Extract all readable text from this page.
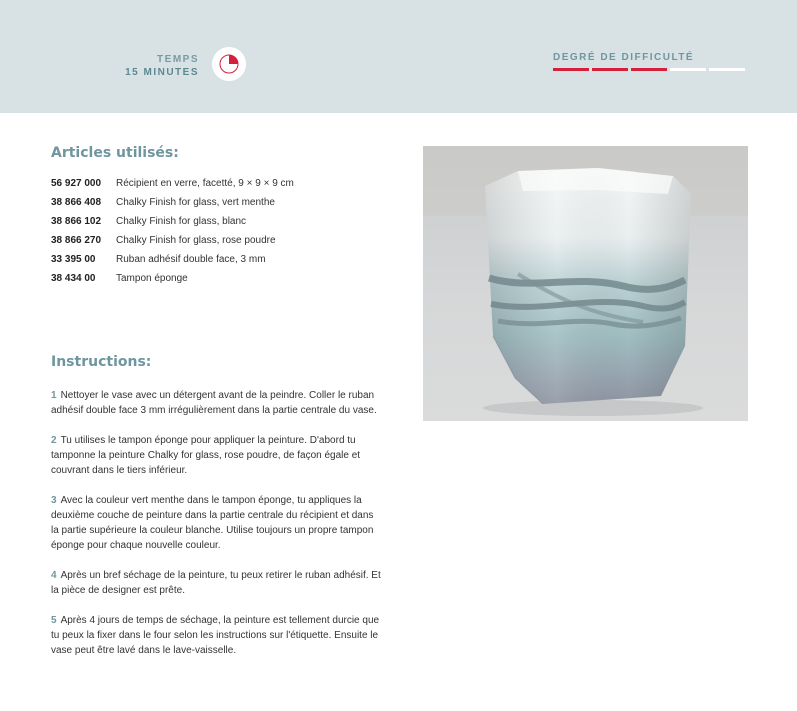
TEMPS
15 MINUTES
DEGRÉ DE DIFFICULTÉ
Articles utilisés:
56 927 000	Récipient en verre, facetté, 9 × 9 × 9 cm
38 866 408	Chalky Finish for glass, vert menthe
38 866 102	Chalky Finish for glass, blanc
38 866 270	Chalky Finish for glass, rose poudre
33 395 00	Ruban adhésif double face, 3 mm
38 434 00	Tampon éponge
Instructions:

1 Nettoyer le vase avec un détergent avant de la peindre. Coller le ruban adhésif double face 3 mm irrégulièrement dans la partie centrale du vase.

2 Tu utilises le tampon éponge pour appliquer la peinture. D'abord tu tamponne la peinture Chalky for glass, rose poudre, de façon égale et couvrant dans le tiers inférieur.

3 Avec la couleur vert menthe dans le tampon éponge, tu appliques la deuxième couche de peinture dans la partie centrale du récipient et dans la partie supérieure la couleur blanche. Utilise toujours un propre tampon éponge pour chaque nouvelle couleur.

4 Après un bref séchage de la peinture, tu peux retirer le ruban adhésif. Et la pièce de designer est prête.

5 Après 4 jours de temps de séchage, la peinture est tellement durcie que tu peux la fixer dans le four selon les instructions sur l'étiquette. Ensuite le vase peut être lavé dans le lave-vaisselle.
